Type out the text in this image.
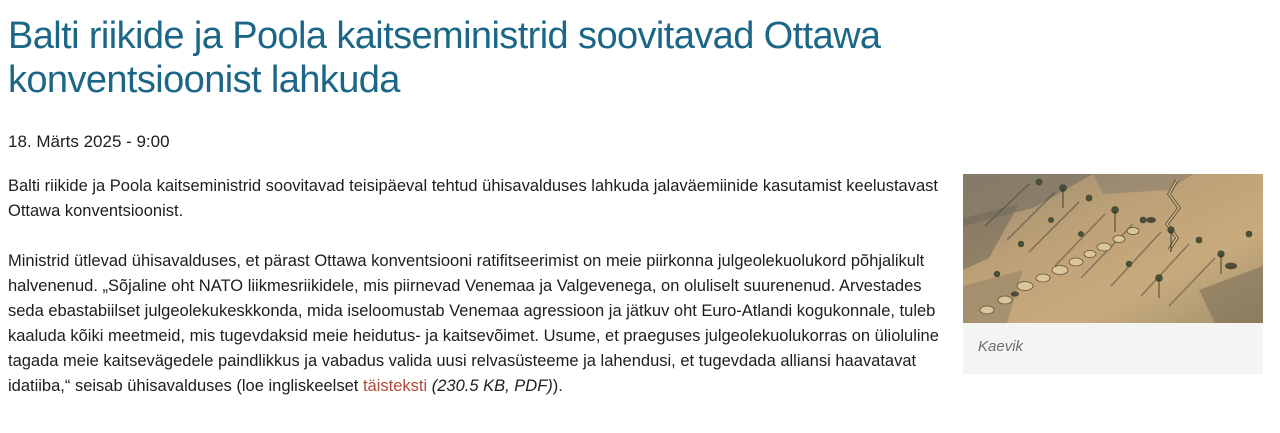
Balti riikide ja Poola kaitseministrid soovitavad Ottawa konventsioonist lahkuda
18. Märts 2025 - 9:00

Balti riikide ja Poola kaitseministrid soovitavad teisipäeval tehtud ühisavalduses lahkuda jalaväemiinide kasutamist keelustavast Ottawa konventsioonist.

Ministrid ütlevad ühisavalduses, et pärast Ottawa konventsiooni ratifitseerimist on meie piirkonna julgeolekuolukord põhjalikult halvenenud. „Sõjaline oht NATO liikmesriikidele, mis piirnevad Venemaa ja Valgevenega, on oluliselt suurenenud. Arvestades seda ebastabiilset julgeolekukeskkonda, mida iseloomustab Venemaa agressioon ja jätkuv oht Euro-Atlandi kogukonnale, tuleb kaaluda kõiki meetmeid, mis tugevdaksid meie heidutus- ja kaitsevõimet. Usume, et praeguses julgeolekuolukorras on ülioluline tagada meie kaitsevägedele paindlikkus ja vabadus valida uusi relvasüsteeme ja lahendusi, et tugevdada alliansi haavatavat idatiiba,“ seisab ühisavalduses (loe ingliskeelset täisteksti (230.5 KB, PDF)).

Kaevik
